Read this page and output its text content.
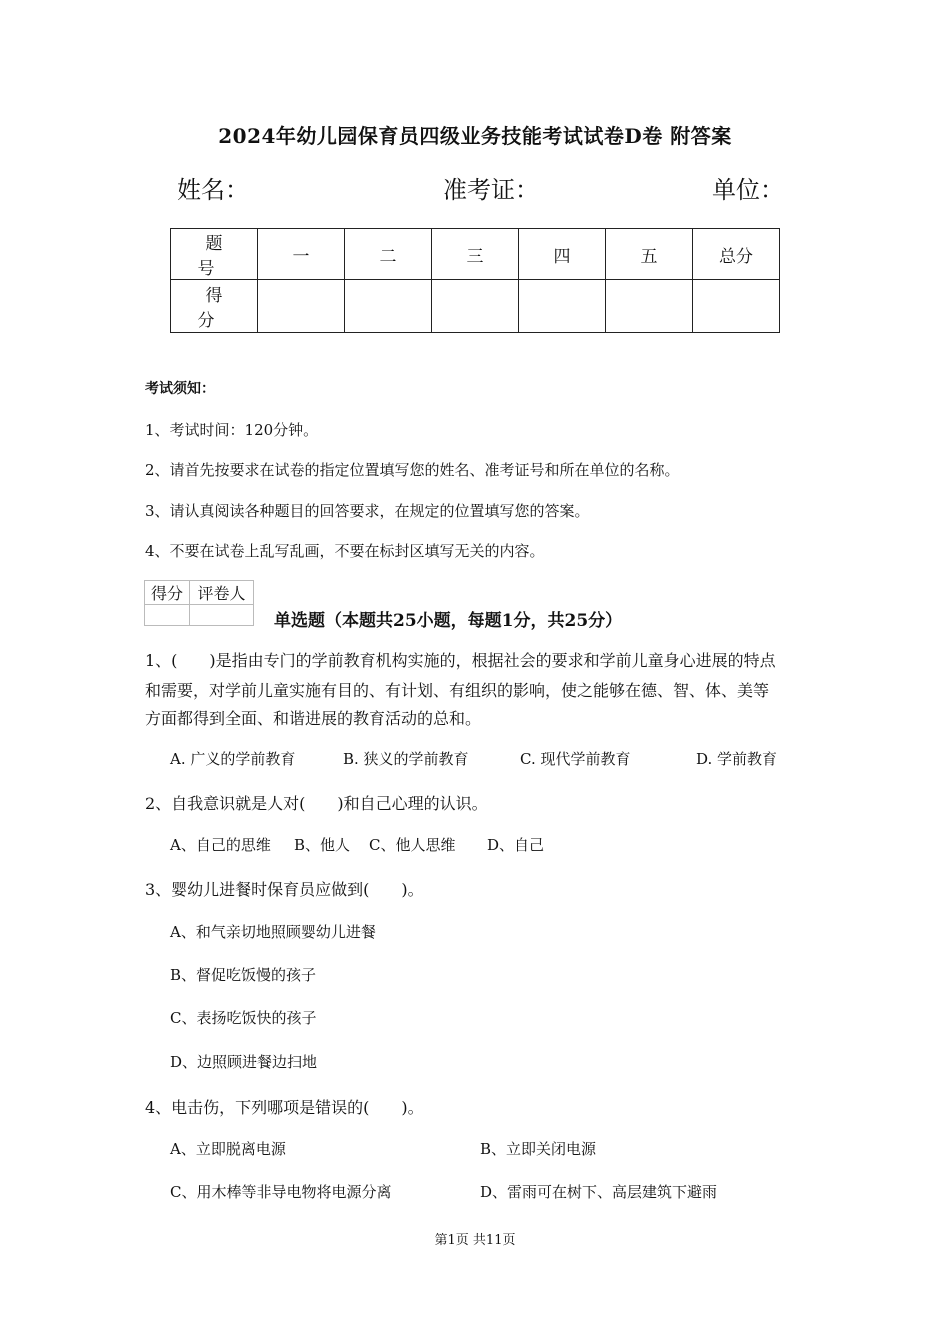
2024年幼儿园保育员四级业务技能考试试卷D卷 附答案
姓名：	准考证：	单位：
题 号	一	二	三	四	五	总分
得 分						
考试须知：
1、考试时间：120分钟。
2、请首先按要求在试卷的指定位置填写您的姓名、准考证号和所在单位的名称。
3、请认真阅读各种题目的回答要求，在规定的位置填写您的答案。
4、不要在试卷上乱写乱画，不要在标封区填写无关的内容。
得分	评卷人

单选题（本题共25小题，每题1分，共25分）
1、(　　)是指由专门的学前教育机构实施的，根据社会的要求和学前儿童身心进展的特点
和需要，对学前儿童实施有目的、有计划、有组织的影响，使之能够在德、智、体、美等
方面都得到全面、和谐进展的教育活动的总和。
A. 广义的学前教育	B. 狭义的学前教育	C. 现代学前教育	D. 学前教育
2、自我意识就是人对(　　)和自己心理的认识。
A、自己的思维 B、他人 C、他人思维 D、自己
3、婴幼儿进餐时保育员应做到(　　)。
A、和气亲切地照顾婴幼儿进餐
B、督促吃饭慢的孩子
C、表扬吃饭快的孩子
D、边照顾进餐边扫地
4、电击伤，下列哪项是错误的(　　)。
A、立即脱离电源	B、立即关闭电源
C、用木棒等非导电物将电源分离	D、雷雨可在树下、高层建筑下避雨
第1页 共11页
